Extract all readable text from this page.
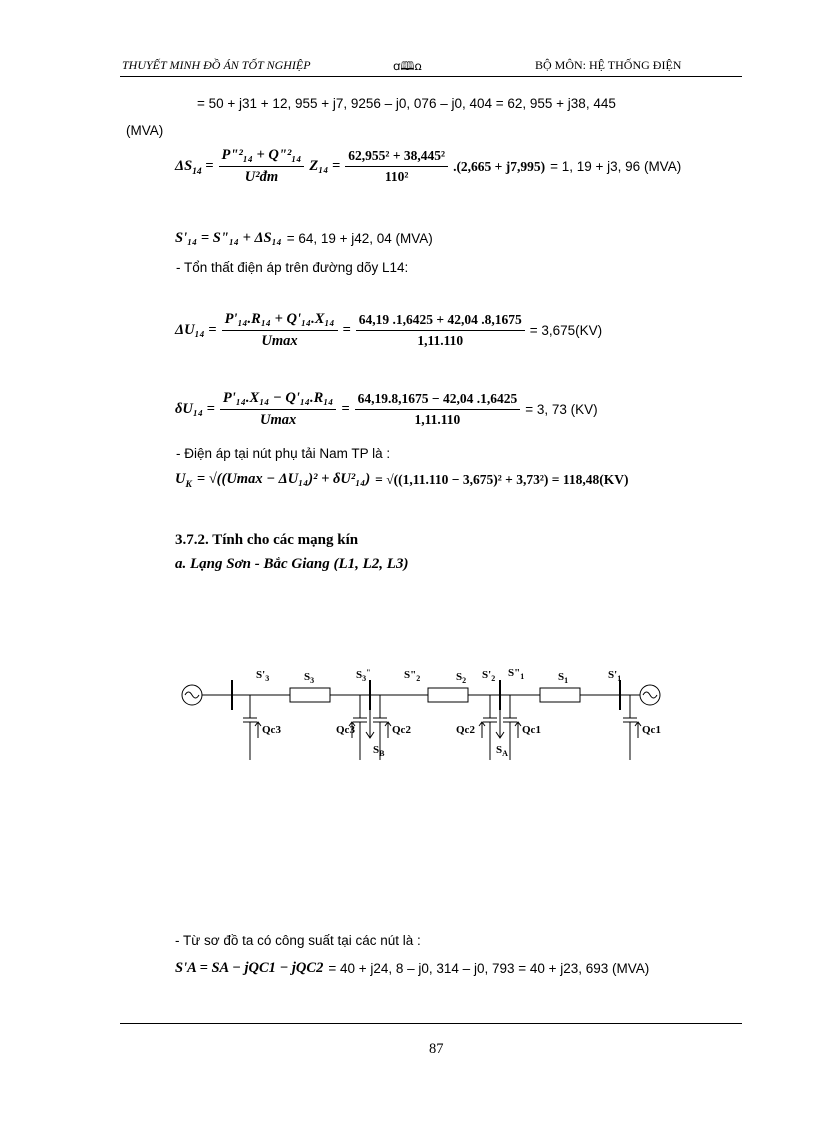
THUYẾT MINH ĐỒ ÁN TỐT NGHIỆP	ꭤ🕮ꭥ	BỘ MÔN: HỆ THỐNG ĐIỆN
= 50 + j31 + 12, 955 + j7, 9256 – j0, 076 – j0, 404 = 62, 955 + j38, 445
(MVA)
$\Delta S_{14} = \frac{\text{P"²₁₄ + Q"²₁₄}}{\text{U²đm}} Z_{14} = \frac{\text{62,955² + 38,445²}}{\text{110²}} .(2,665 + j7,995) = 1$, 19 + j3, 96 (MVA)
S'₁₄ = S"₁₄ + ΔS₁₄ = 64, 19 + j42, 04 (MVA)
- Tổn thất điện áp trên đường dõy L14:
$\Delta U_{14} = \frac{\text{P'₁₄.R₁₄ + Q'₁₄.X₁₄}}{Umax} = \frac{64,19 .1,6425 + 42,04 .8,1675}{1,11.110} = 3,675(KV)$
$\delta U_{14} = \frac{\text{P'₁₄.X₁₄ − Q'₁₄.R₁₄}}{Umax} = \frac{64,19.8,1675 - 42,04 .1,6425}{1,11.110} = 3$, 73 (KV)
- Điện áp tại nút phụ tải Nam TP là :
$U_K = √((Umax - \Delta U_{14})^2 + \delta U^2_{14}) = √((1,11.110 - 3,675)^2 + 3,73^2) = 118,48(KV)$
3.7.2. Tính cho các mạng kín
a. Lạng Sơn - Bắc Giang (L1, L2, L3)
$S'_3$	$S_3$	$S_3^"$	$S"_2$	$S_2$ $S'_2$ $S"_1$	$S_1$	$S'_1$
Qc3	Qc3	Qc2	Qc2	Qc1	Qc1
$S_B$	$S_A$
- Từ sơ đồ ta có công suất tại các nút là :
S'A = SA − jQC1 − jQC2 = 40 + j24, 8 – j0, 314 – j0, 793 = 40 + j23, 693 (MVA)
87
